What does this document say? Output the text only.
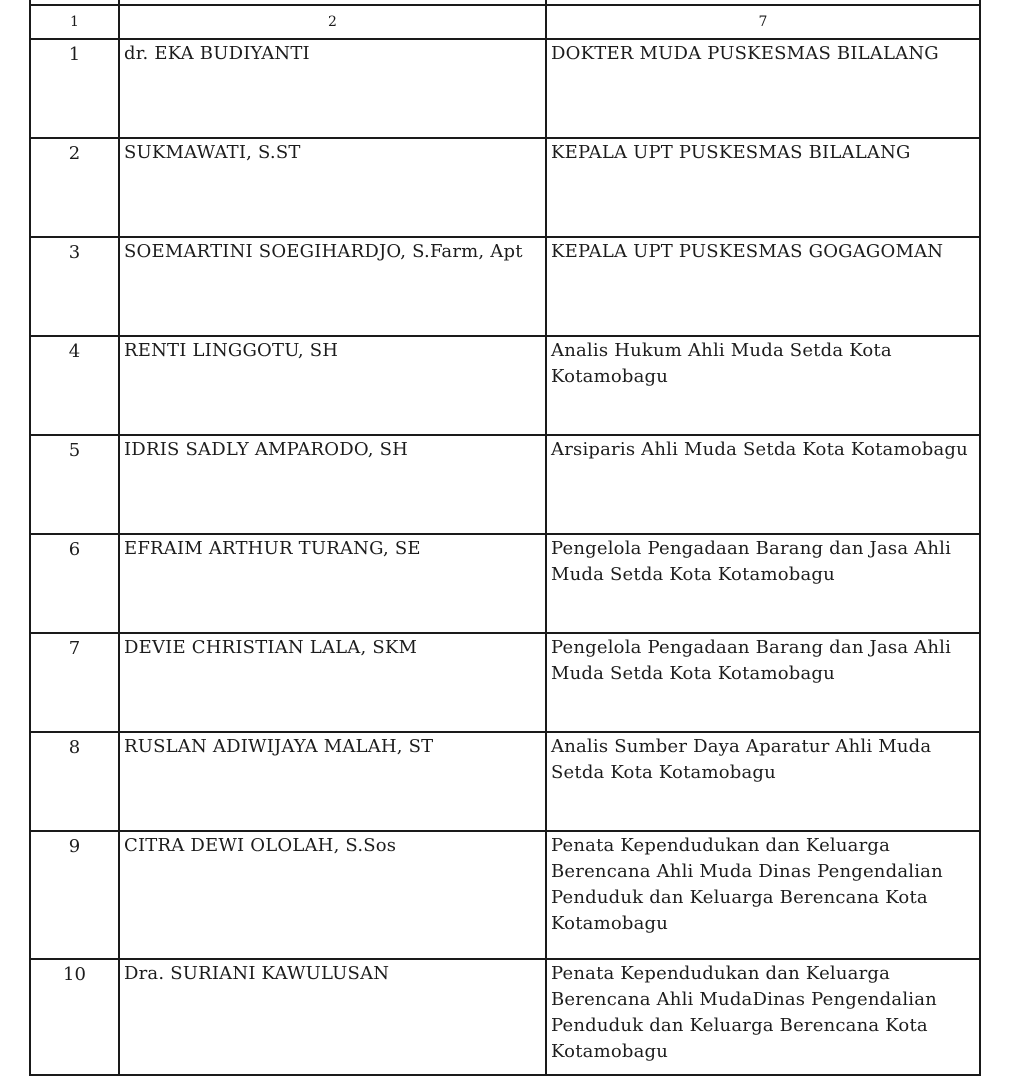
1	2	7
1	dr. EKA BUDIYANTI	DOKTER MUDA PUSKESMAS BILALANG
2	SUKMAWATI, S.ST	KEPALA UPT PUSKESMAS BILALANG
3	SOEMARTINI SOEGIHARDJO, S.Farm, Apt	KEPALA UPT PUSKESMAS GOGAGOMAN
4	RENTI LINGGOTU, SH	Analis Hukum Ahli Muda Setda Kota Kotamobagu
5	IDRIS SADLY AMPARODO, SH	Arsiparis Ahli Muda Setda Kota Kotamobagu
6	EFRAIM ARTHUR TURANG, SE	Pengelola Pengadaan Barang dan Jasa Ahli Muda Setda Kota Kotamobagu
7	DEVIE CHRISTIAN LALA, SKM	Pengelola Pengadaan Barang dan Jasa Ahli Muda Setda Kota Kotamobagu
8	RUSLAN ADIWIJAYA MALAH, ST	Analis Sumber Daya Aparatur Ahli Muda Setda Kota Kotamobagu
9	CITRA DEWI OLOLAH, S.Sos	Penata Kependudukan dan Keluarga Berencana Ahli Muda Dinas Pengendalian Penduduk dan Keluarga Berencana Kota Kotamobagu
10	Dra. SURIANI KAWULUSAN	Penata Kependudukan dan Keluarga Berencana Ahli MudaDinas Pengendalian Penduduk dan Keluarga Berencana Kota Kotamobagu
